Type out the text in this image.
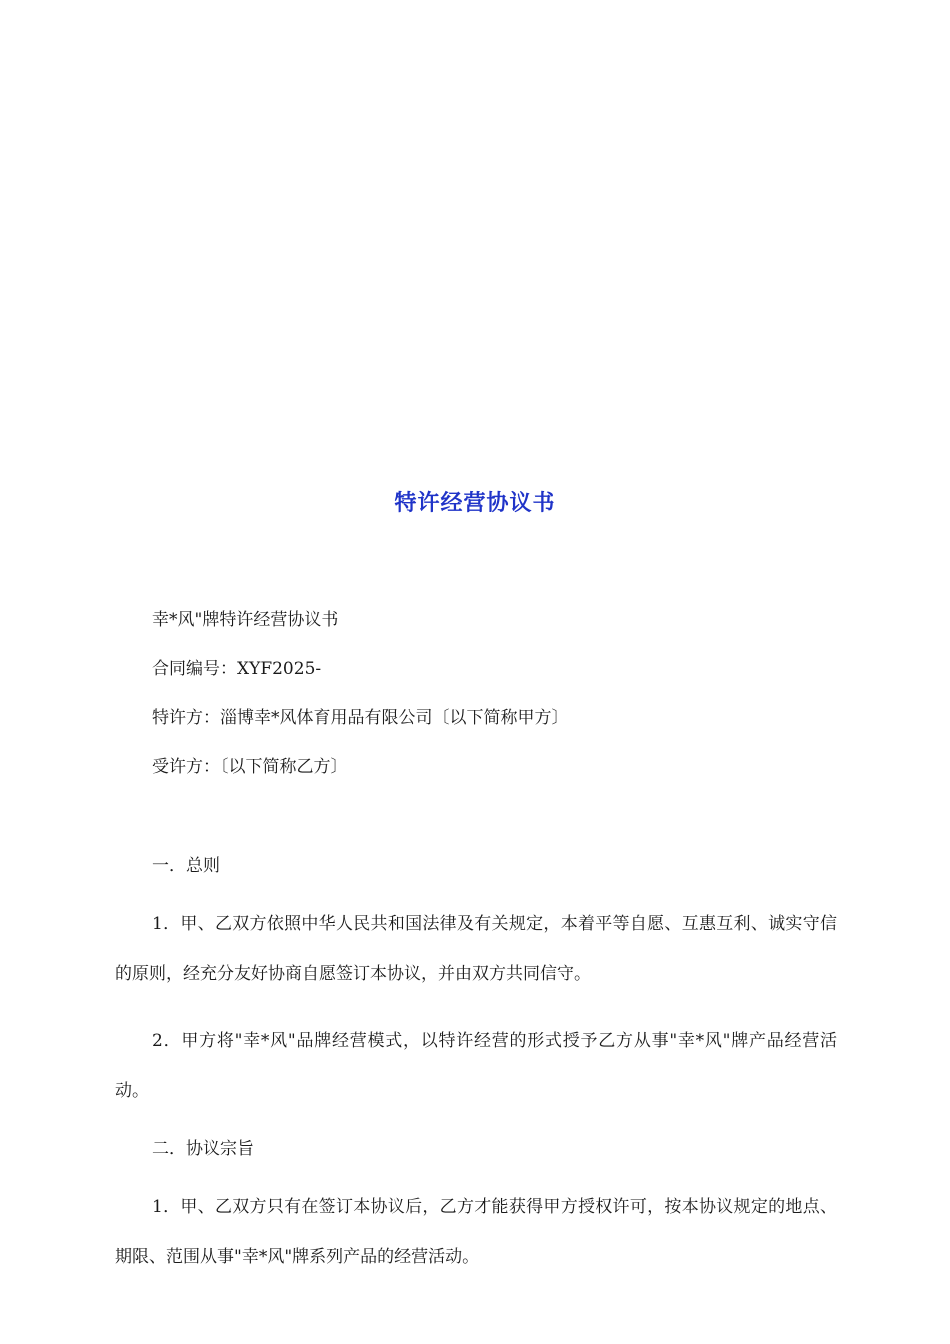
特许经营协议书

幸*风"牌特许经营协议书

合同编号：XYF2025-

特许方：淄博幸*风体育用品有限公司〔以下简称甲方〕

受许方：〔以下简称乙方〕

一．总则

1．甲、乙双方依照中华人民共和国法律及有关规定，本着平等自愿、互惠互利、诚实守信的原则，经充分友好协商自愿签订本协议，并由双方共同信守。

2．甲方将"幸*风"品牌经营模式，以特许经营的形式授予乙方从事"幸*风"牌产品经营活动。

二．协议宗旨

1．甲、乙双方只有在签订本协议后，乙方才能获得甲方授权许可，按本协议规定的地点、期限、范围从事"幸*风"牌系列产品的经营活动。
